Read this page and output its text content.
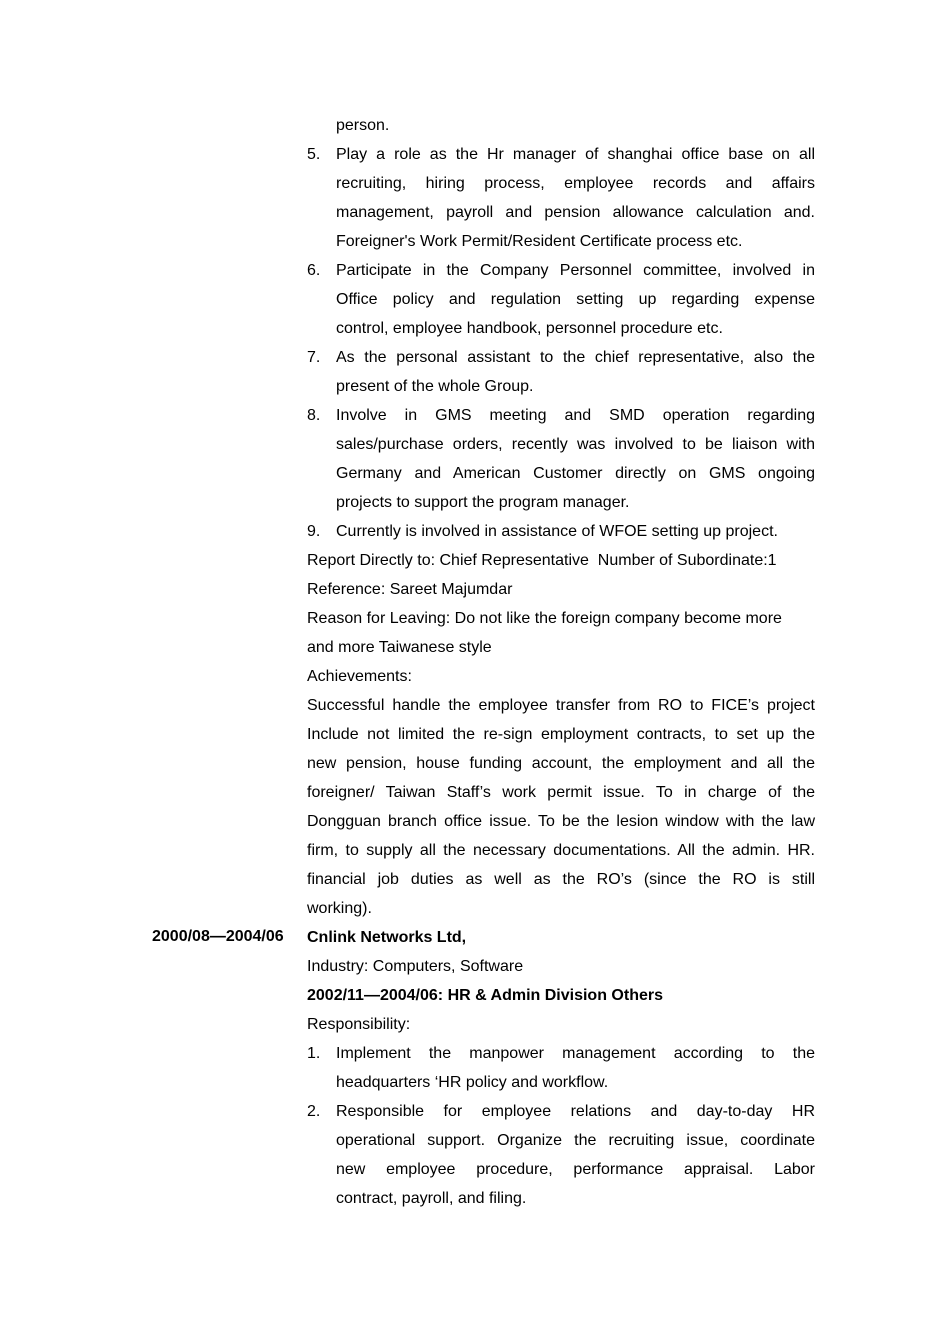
person.
5. Play a role as the Hr manager of shanghai office base on all
recruiting, hiring process, employee records and affairs
management, payroll and pension allowance calculation and.
Foreigner's Work Permit/Resident Certificate process etc.
6. Participate in the Company Personnel committee, involved in
Office policy and regulation setting up regarding expense
control, employee handbook, personnel procedure etc.
7. As the personal assistant to the chief representative, also the
present of the whole Group.
8. Involve in GMS meeting and SMD operation regarding
sales/purchase orders, recently was involved to be liaison with
Germany and American Customer directly on GMS ongoing
projects to support the program manager.
9. Currently is involved in assistance of WFOE setting up project.
Report Directly to: Chief Representative  Number of Subordinate:1
Reference: Sareet Majumdar
Reason for Leaving: Do not like the foreign company become more
and more Taiwanese style
Achievements:
Successful handle the employee transfer from RO to FICE’s project
Include not limited the re-sign employment contracts, to set up the
new pension, house funding account, the employment and all the
foreigner/ Taiwan Staff’s work permit issue. To in charge of the
Dongguan branch office issue. To be the lesion window with the law
firm, to supply all the necessary documentations. All the admin. HR.
financial job duties as well as the RO’s (since the RO is still
working).
Cnlink Networks Ltd,
Industry: Computers, Software
2002/11—2004/06: HR & Admin Division Others
Responsibility:
1. Implement the manpower management according to the
headquarters ‘HR policy and workflow.
2. Responsible for employee relations and day-to-day HR
operational support. Organize the recruiting issue, coordinate
new employee procedure, performance appraisal. Labor
contract, payroll, and filing.
2000/08—2004/06
